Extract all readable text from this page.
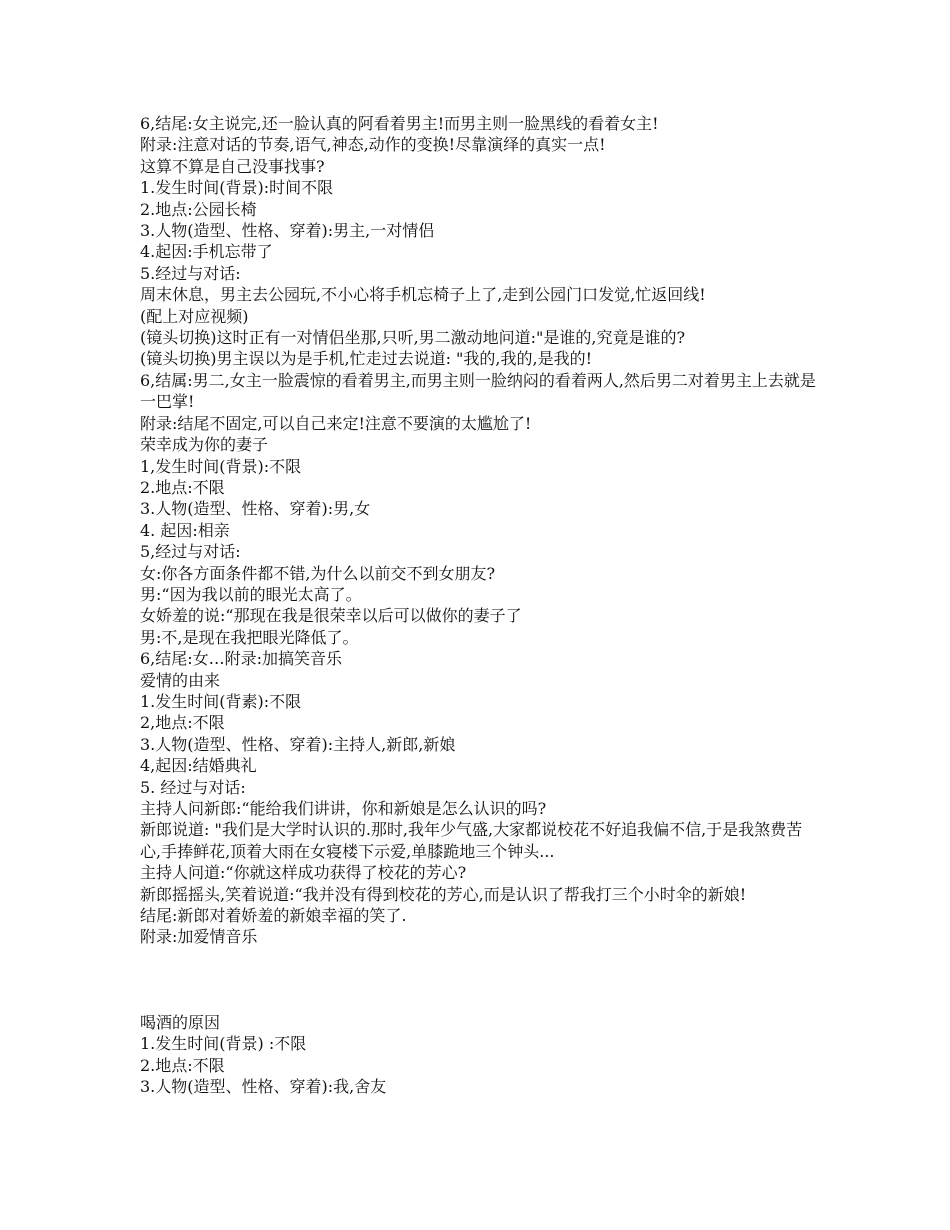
6,结尾:女主说完,还一脸认真的阿看着男主!而男主则一脸黑线的看着女主!

附录:注意对话的节奏,语气,神态,动作的变换!尽靠演绎的真实一点!

这算不算是自己没事找事?

1.发生时间(背景):时间不限

2.地点:公园长椅

3.人物(造型、性格、穿着):男主,一对情侣

4.起因:手机忘带了

5.经过与对话:

周末休息，男主去公园玩,不小心将手机忘椅子上了,走到公园门口发觉,忙返回线!

(配上对应视频)

(镜头切换)这时正有一对情侣坐那,只听,男二激动地问道:"是谁的,究竟是谁的?

(镜头切换)男主误以为是手机,忙走过去说道: "我的,我的,是我的!

6,结属:男二,女主一脸震惊的看着男主,而男主则一脸纳闷的看着两人,然后男二对着男主上去就是一巴掌!

附录:结尾不固定,可以自己来定!注意不要演的太尴尬了!

荣幸成为你的妻子

1,发生时间(背景):不限

2.地点:不限

3.人物(造型、性格、穿着):男,女

4. 起因:相亲

5,经过与对话:

女:你各方面条件都不错,为什么以前交不到女朋友?

男:“因为我以前的眼光太高了。

女娇羞的说:“那现在我是很荣幸以后可以做你的妻子了

男:不,是现在我把眼光降低了。

6,结尾:女…附录:加搞笑音乐

爱情的由来

1.发生时间(背素):不限

2,地点:不限

3.人物(造型、性格、穿着):主持人,新郎,新娘

4,起因:结婚典礼

5. 经过与对话:

主持人问新郎:“能给我们讲讲，你和新娘是怎么认识的吗?

新郎说道: "我们是大学时认识的.那时,我年少气盛,大家都说校花不好追我偏不信,于是我煞费苦心,手捧鲜花,顶着大雨在女寝楼下示爱,单膝跪地三个钟头...

主持人问道:“你就这样成功获得了校花的芳心?

新郎摇摇头,笑着说道:“我并没有得到校花的芳心,而是认识了帮我打三个小时伞的新娘!

结尾:新郎对着娇羞的新娘幸福的笑了.

附录:加爱情音乐

喝酒的原因

1.发生时间(背景) :不限

2.地点:不限

3.人物(造型、性格、穿着):我,舍友
